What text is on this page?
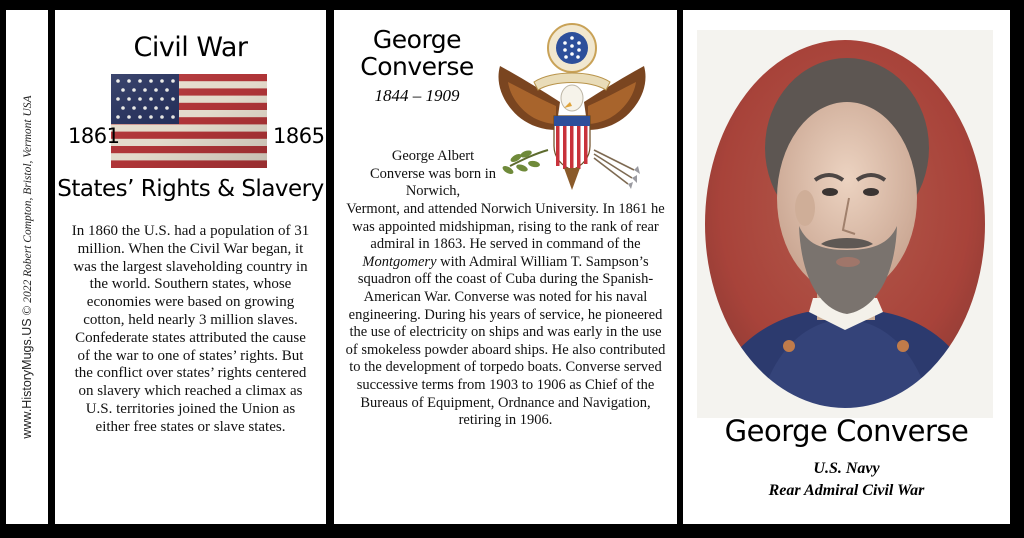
www.HistoryMugs.US © 2022 Robert Compton, Bristol, Vermont USA
Civil War
1861	1865
States’ Rights & Slavery
In 1860 the U.S. had a population of 31 million. When the Civil War began, it was the largest slaveholding country in the world. Southern states, whose economies were based on growing cotton, held nearly 3 million slaves. Confederate states attributed the cause of the war to one of states’ rights. But the conflict over states’ rights centered on slavery which reached a climax as U.S. territories joined the Union as either free states or slave states.
George
Converse
1844 – 1909
George Albert Converse was born in Norwich,
Vermont, and attended Norwich University. In 1861 he was appointed midshipman, rising to the rank of rear admiral in 1863. He served in command of the Montgomery with Admiral William T. Sampson’s squadron off the coast of Cuba during the Spanish-American War. Converse was noted for his naval engineering. During his years of service, he pioneered the use of electricity on ships and was early in the use of smokeless powder aboard ships. He also contributed to the development of torpedo boats. Converse served successive terms from 1903 to 1906 as Chief of the Bureaus of Equipment, Ordnance and Navigation, retiring in 1906.	George Converse
U.S. Navy
Rear Admiral Civil War
